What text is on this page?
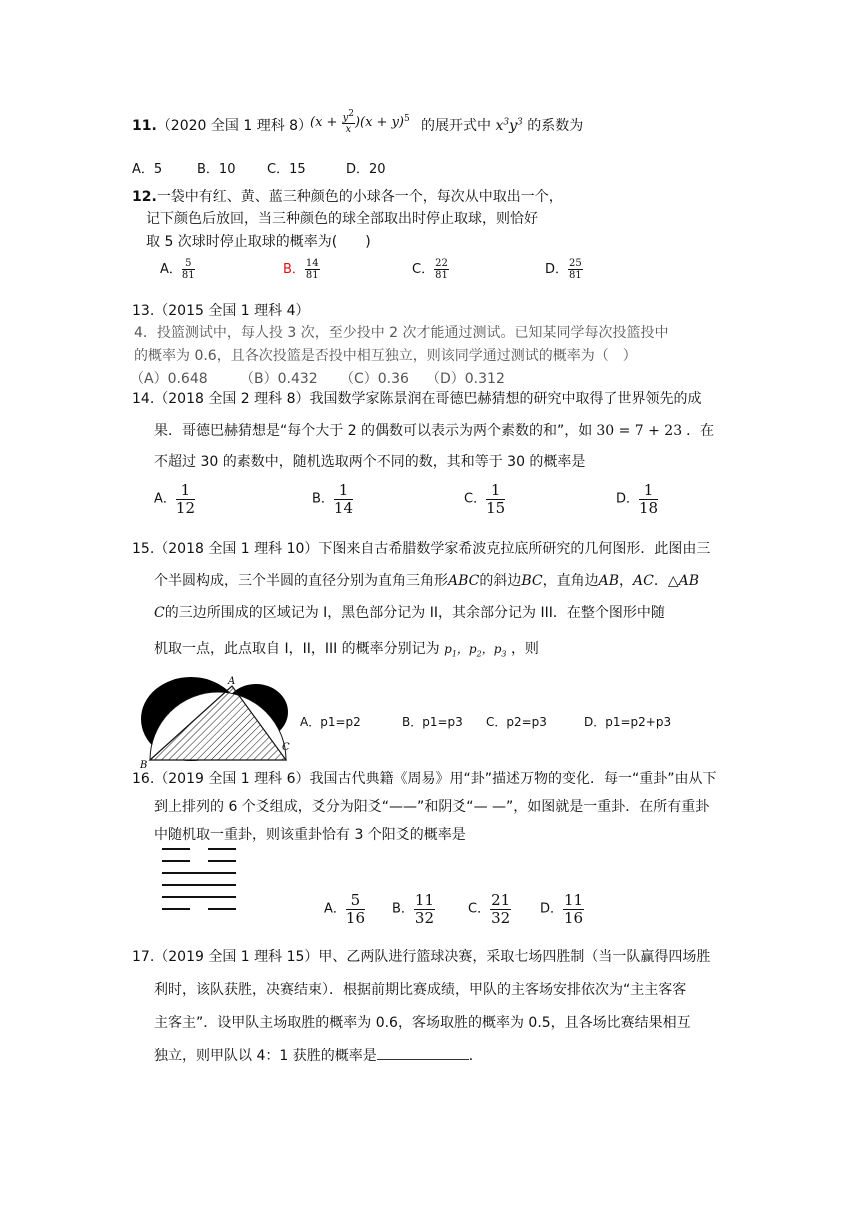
11.（2020 全国 1 理科 8）
$(x + \frac{y^2}{x} )(x + y)^5$ 的展开式中 $x^3y^3$ 的系数为
A．5	B．10 C．15	D．20
12.一袋中有红、黄、蓝三种颜色的小球各一个，每次从中取出一个，
记下颜色后放回，当三种颜色的球全部取出时停止取球，则恰好
取 5 次球时停止取球的概率为(　　)
A． $\frac{5}{81}$	B． $\frac{14}{81}$	C． $\frac{22}{81}$	D． $\frac{25}{81}$
13.（2015 全国 1 理科 4）
4．投篮测试中，每人投 3 次，至少投中 2 次才能通过测试。已知某同学每次投篮投中
的概率为 0.6，且各次投篮是否投中相互独立，则该同学通过测试的概率为（　）
（A）0.648 （B）0.432 （C）0.36 （D）0.312
14.（2018 全国 2 理科 8）我国数学家陈景润在哥德巴赫猜想的研究中取得了世界领先的成
果．哥德巴赫猜想是“每个大于 2 的偶数可以表示为两个素数的和”，如 30 = 7 + 23 ．在
不超过 30 的素数中，随机选取两个不同的数，其和等于 30 的概率是
A． $\frac{1}{12}$	B． $\frac{1}{14}$	C． $\frac{1}{15}$	D． $\frac{1}{18}$
15.（2018 全国 1 理科 10）下图来自古希腊数学家希波克拉底所研究的几何图形．此图由三
个半圆构成，三个半圆的直径分别为直角三角形ABC的斜边BC，直角边AB，AC．△AB
C的三边所围成的区域记为 I，黑色部分记为 II，其余部分记为 III．在整个图形中随
机取一点，此点取自 I，II，III 的概率分别记为 $p_1$，$p_2$，$p_3$ ，则
A
B
C
A．p1=p2	B．p1=p3 C．p2=p3	D．p1=p2+p3
16.（2019 全国 1 理科 6）我国古代典籍《周易》用“卦”描述万物的变化．每一“重卦”由从下
到上排列的 6 个爻组成，爻分为阳爻“——”和阴爻“— —”，如图就是一重卦．在所有重卦
中随机取一重卦，则该重卦恰有 3 个阳爻的概率是
A． $\frac{5}{16}$ B． $\frac{11}{32}$	C． $\frac{21}{32}$ D． $\frac{11}{16}$
17.（2019 全国 1 理科 15）甲、乙两队进行篮球决赛，采取七场四胜制（当一队赢得四场胜
利时，该队获胜，决赛结束）．根据前期比赛成绩，甲队的主客场安排依次为“主主客客
主客主”．设甲队主场取胜的概率为 0.6，客场取胜的概率为 0.5，且各场比赛结果相互
独立，则甲队以 4：1 获胜的概率是	．
